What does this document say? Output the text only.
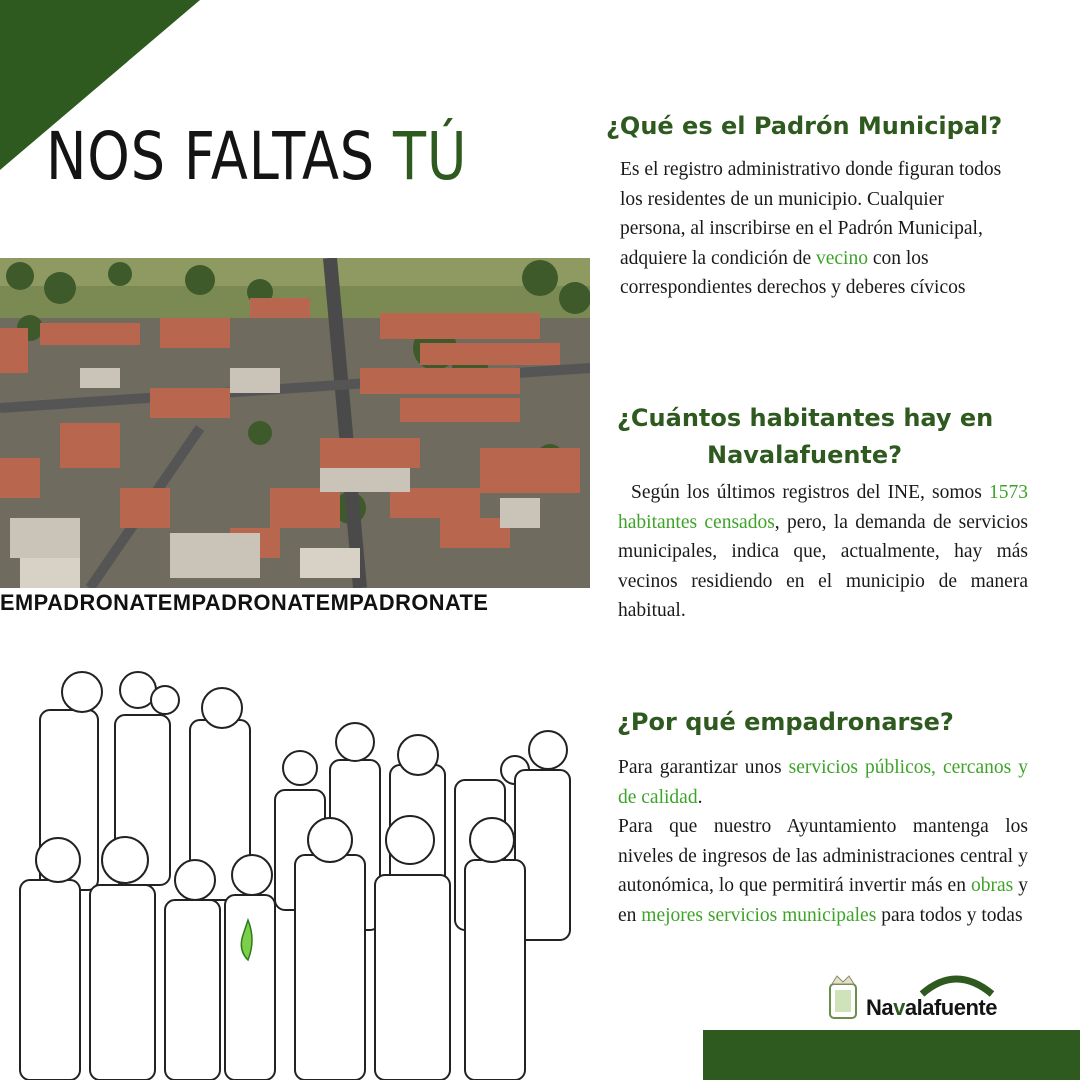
NOS FALTAS TÚ
EMPADRONATEMPADRONATEMPADRONATE
¿Qué es el Padrón Municipal?
Es el registro administrativo donde figuran todos los residentes de un municipio. Cualquier persona, al inscribirse en el Padrón Municipal, adquiere la condición de vecino con los correspondientes derechos y deberes cívicos
¿Cuántos habitantes hay en
Navalafuente?
Según los últimos registros del INE, somos 1573 habitantes censados, pero, la demanda de servicios municipales, indica que, actualmente, hay más vecinos residiendo en el municipio de manera habitual.
¿Por qué empadronarse?
Para garantizar unos servicios públicos, cercanos y de calidad.
Para que nuestro Ayuntamiento mantenga los niveles de ingresos de las administraciones central y autonómica, lo que permitirá invertir más en obras y en mejores servicios municipales para todos y todas
Navalafuente
